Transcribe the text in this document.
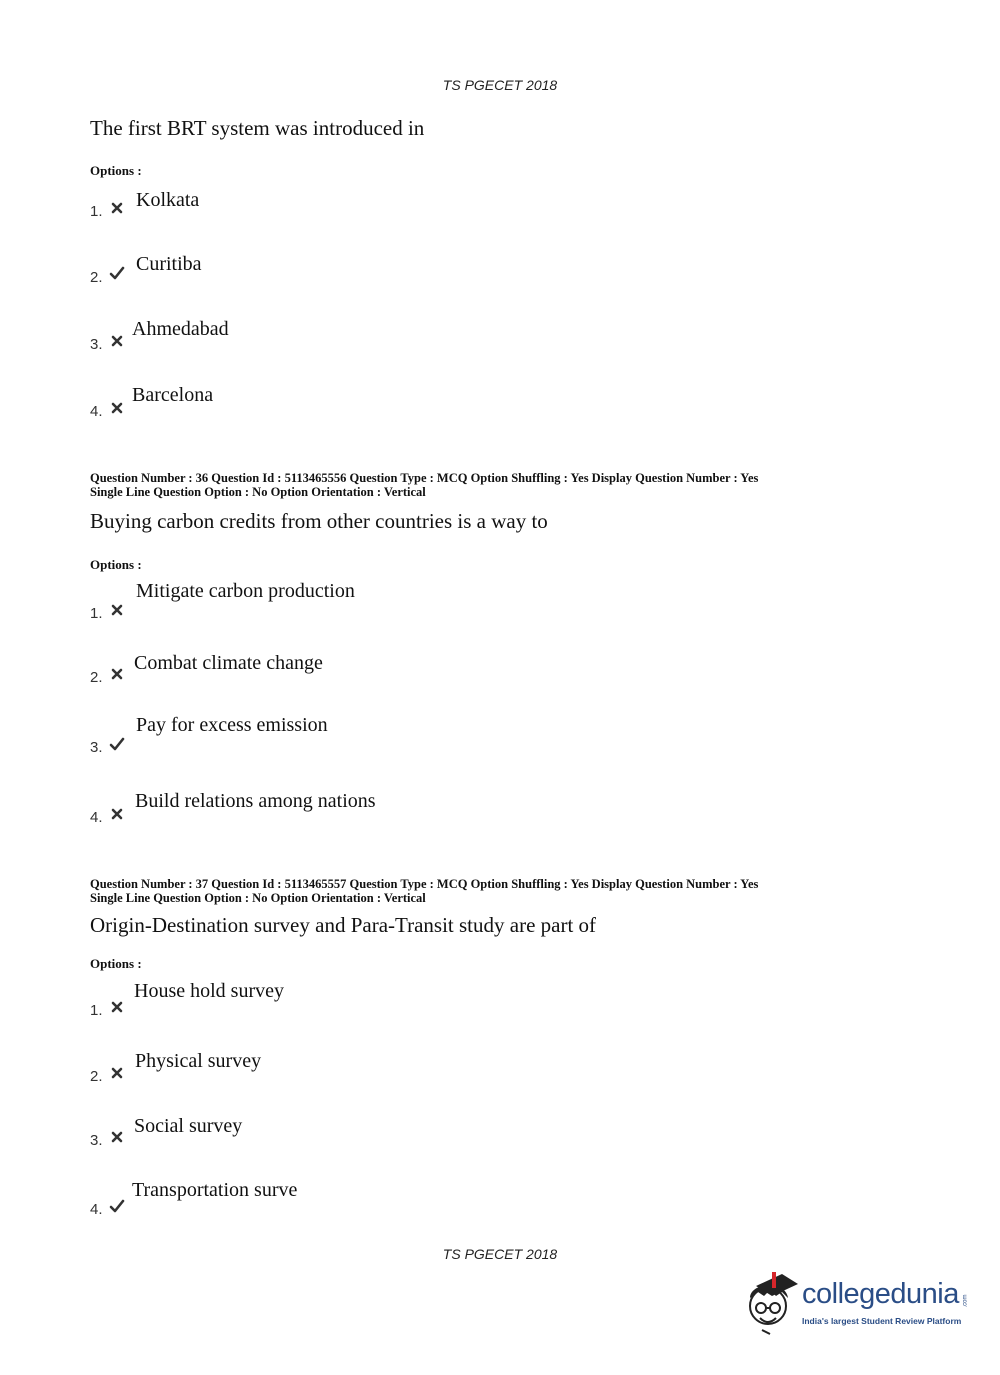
TS PGECET 2018
The first BRT system was introduced in
Options :
1.
Kolkata
2.
Curitiba
3.
Ahmedabad
4.
Barcelona
Question Number : 36 Question Id : 5113465556 Question Type : MCQ Option Shuffling : Yes Display Question Number : Yes
Single Line Question Option : No Option Orientation : Vertical
Buying carbon credits from other countries is a way to
Options :
1.
Mitigate carbon production
2.
Combat climate change
3.
Pay for excess emission
4.
Build relations among nations
Question Number : 37 Question Id : 5113465557 Question Type : MCQ Option Shuffling : Yes Display Question Number : Yes
Single Line Question Option : No Option Orientation : Vertical
Origin-Destination survey and Para-Transit study are part of
Options :
1.
House hold survey
2.
Physical survey
3.
Social survey
4.
Transportation surve
TS PGECET 2018
collegedunia .com
India's largest Student Review Platform
